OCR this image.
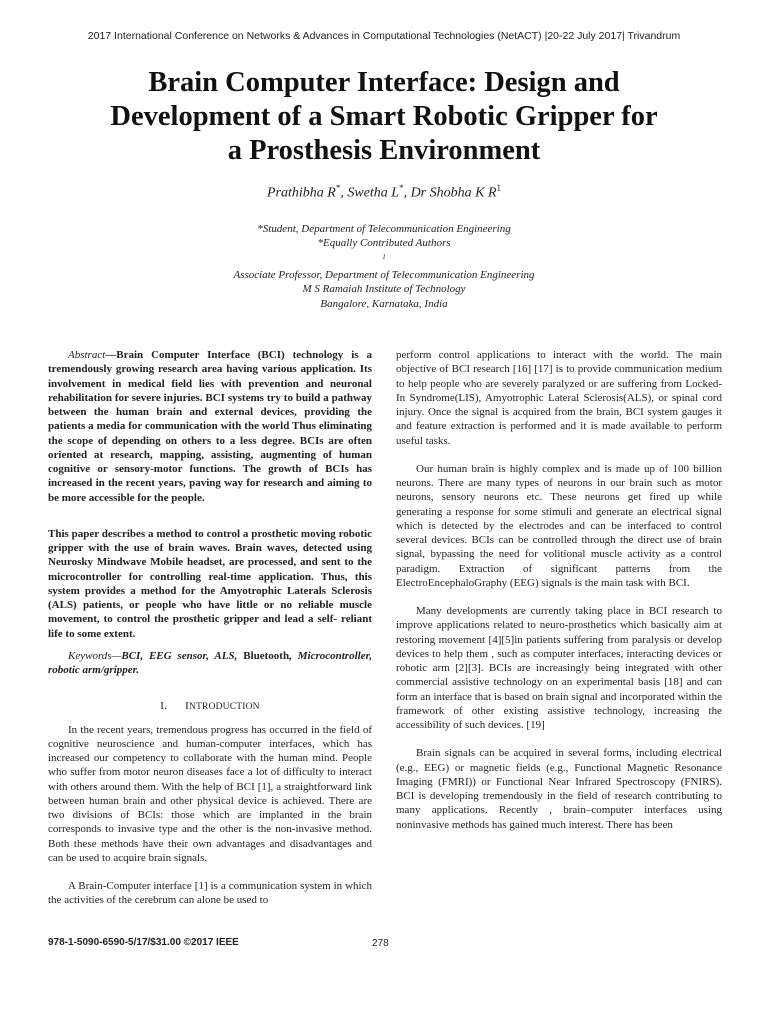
2017 International Conference on Networks & Advances in Computational Technologies (NetACT) |20-22 July 2017| Trivandrum
Brain Computer Interface: Design and
Development of a Smart Robotic Gripper for
a Prosthesis Environment
Prathibha R*, Swetha L*, Dr Shobha K $R^1$
*Student, Department of Telecommunication Engineering
*Equally Contributed Authors
$^1$
Associate Professor, Department of Telecommunication Engineering
M S Ramaiah Institute of Technology
Bangalore, Karnataka, India

Abstract—Brain Computer Interface (BCI) technology is a tremendously growing research area having various application. Its involvement in medical field lies with prevention and neuronal rehabilitation for severe injuries. BCI systems try to build a pathway between the human brain and external devices, providing the patients a media for communication with the world Thus eliminating the scope of depending on others to a less degree. BCIs are often oriented at research, mapping, assisting, augmenting of human cognitive or sensory-motor functions. The growth of BCIs has increased in the recent years, paving way for research and aiming to be more accessible for the people.

This paper describes a method to control a prosthetic moving robotic gripper with the use of brain waves. Brain waves, detected using Neurosky Mindwave Mobile headset, are processed, and sent to the microcontroller for controlling real-time application. Thus, this system provides a method for the Amyotrophic Laterals Sclerosis (ALS) patients, or people who have little or no reliable muscle movement, to control the prosthetic gripper and lead a self- reliant life to some extent.

Keywords—BCI, EEG sensor, ALS, Bluetooth, Microcontroller, robotic arm/gripper.

I. INTRODUCTION

In the recent years, tremendous progress has occurred in the field of cognitive neuroscience and human-computer interfaces, which has increased our competency to collaborate with the human mind. People who suffer from motor neuron diseases face a lot of difficulty to interact with others around them. With the help of BCI [1], a straightforward link between human brain and other physical device is achieved. There are two divisions of BCIs: those which are implanted in the brain corresponds to invasive type and the other is the non-invasive method. Both these methods have their own advantages and disadvantages and can be used to acquire brain signals.

A Brain-Computer interface [1] is a communication system in which the activities of the cerebrum can alone be used to

perform control applications to interact with the world. The main objective of BCI research [16] [17] is to provide communication medium to help people who are severely paralyzed or are suffering from Locked-In Syndrome(LIS), Amyotrophic Lateral Sclerosis(ALS), or spinal cord injury. Once the signal is acquired from the brain, BCI system gauges it and feature extraction is performed and it is made available to perform useful tasks.

Our human brain is highly complex and is made up of 100 billion neurons. There are many types of neurons in our brain such as motor neurons, sensory neurons etc. These neurons get fired up while generating a response for some stimuli and generate an electrical signal which is detected by the electrodes and can be interfaced to control several devices. BCIs can be controlled through the direct use of brain signal, bypassing the need for volitional muscle activity as a control paradigm. Extraction of significant patterns from the ElectroEncephaloGraphy (EEG) signals is the main task with BCI.

Many developments are currently taking place in BCI research to improve applications related to neuro-prosthetics which basically aim at restoring movement [4][5]in patients suffering from paralysis or develop devices to help them , such as computer interfaces, interacting devices or robotic arm [2][3]. BCIs are increasingly being integrated with other commercial assistive technology on an experimental basis [18] and can form an interface that is based on brain signal and incorporated within the framework of other existing assistive technology, increasing the accessibility of such devices. [19]

Brain signals can be acquired in several forms, including electrical (e.g., EEG) or magnetic fields (e.g., Functional Magnetic Resonance Imaging (FMRI)) or Functional Near Infrared Spectroscopy (FNIRS). BCI is developing tremendously in the field of research contributing to many applications. Recently , brain–computer interfaces using noninvasive methods has gained much interest. There has been

978-1-5090-6590-5/17/$31.00 ©2017 IEEE	278
